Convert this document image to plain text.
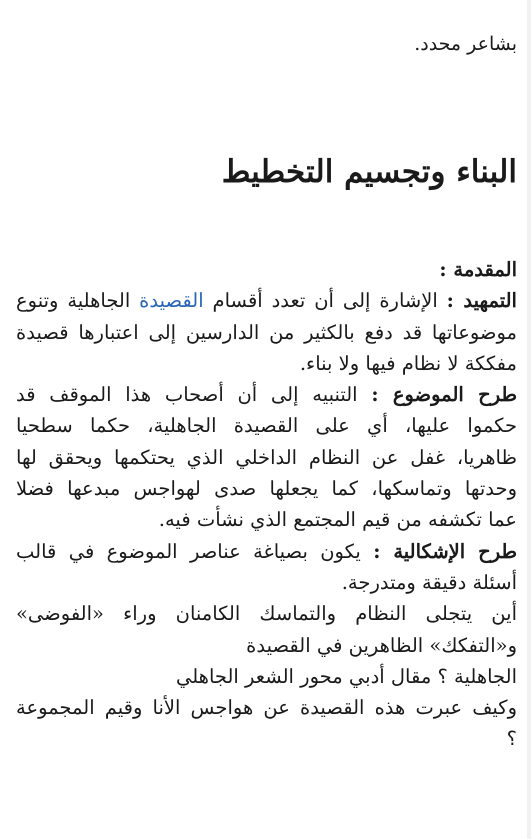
بشاعر محدد.
البناء وتجسيم التخطيط
المقدمة :
التمهيد : الإشارة إلى أن تعدد أقسام القصيدة الجاهلية وتنوع
موضوعاتها قد دفع بالكثير من الدارسين إلى اعتبارها قصيدة
مفككة لا نظام فيها ولا بناء.
طرح الموضوع : التنبيه إلى أن أصحاب هذا الموقف قد
حكموا عليها، أي على القصيدة الجاهلية، حكما سطحيا
ظاهريا، غفل عن النظام الداخلي الذي يحتكمها ويحقق لها
وحدتها وتماسكها، كما يجعلها صدى لهواجس مبدعها فضلا
عما تكشفه من قيم المجتمع الذي نشأت فيه.
طرح الإشكالية : يكون بصياغة عناصر الموضوع في قالب
أسئلة دقيقة ومتدرجة.
أين يتجلى النظام والتماسك الكامنان وراء «الفوضى»
و«التفكك» الظاهرين في القصيدة
الجاهلية ؟ مقال أدبي محور الشعر الجاهلي
وكيف عبرت هذه القصيدة عن هواجس الأنا وقيم المجموعة
؟
